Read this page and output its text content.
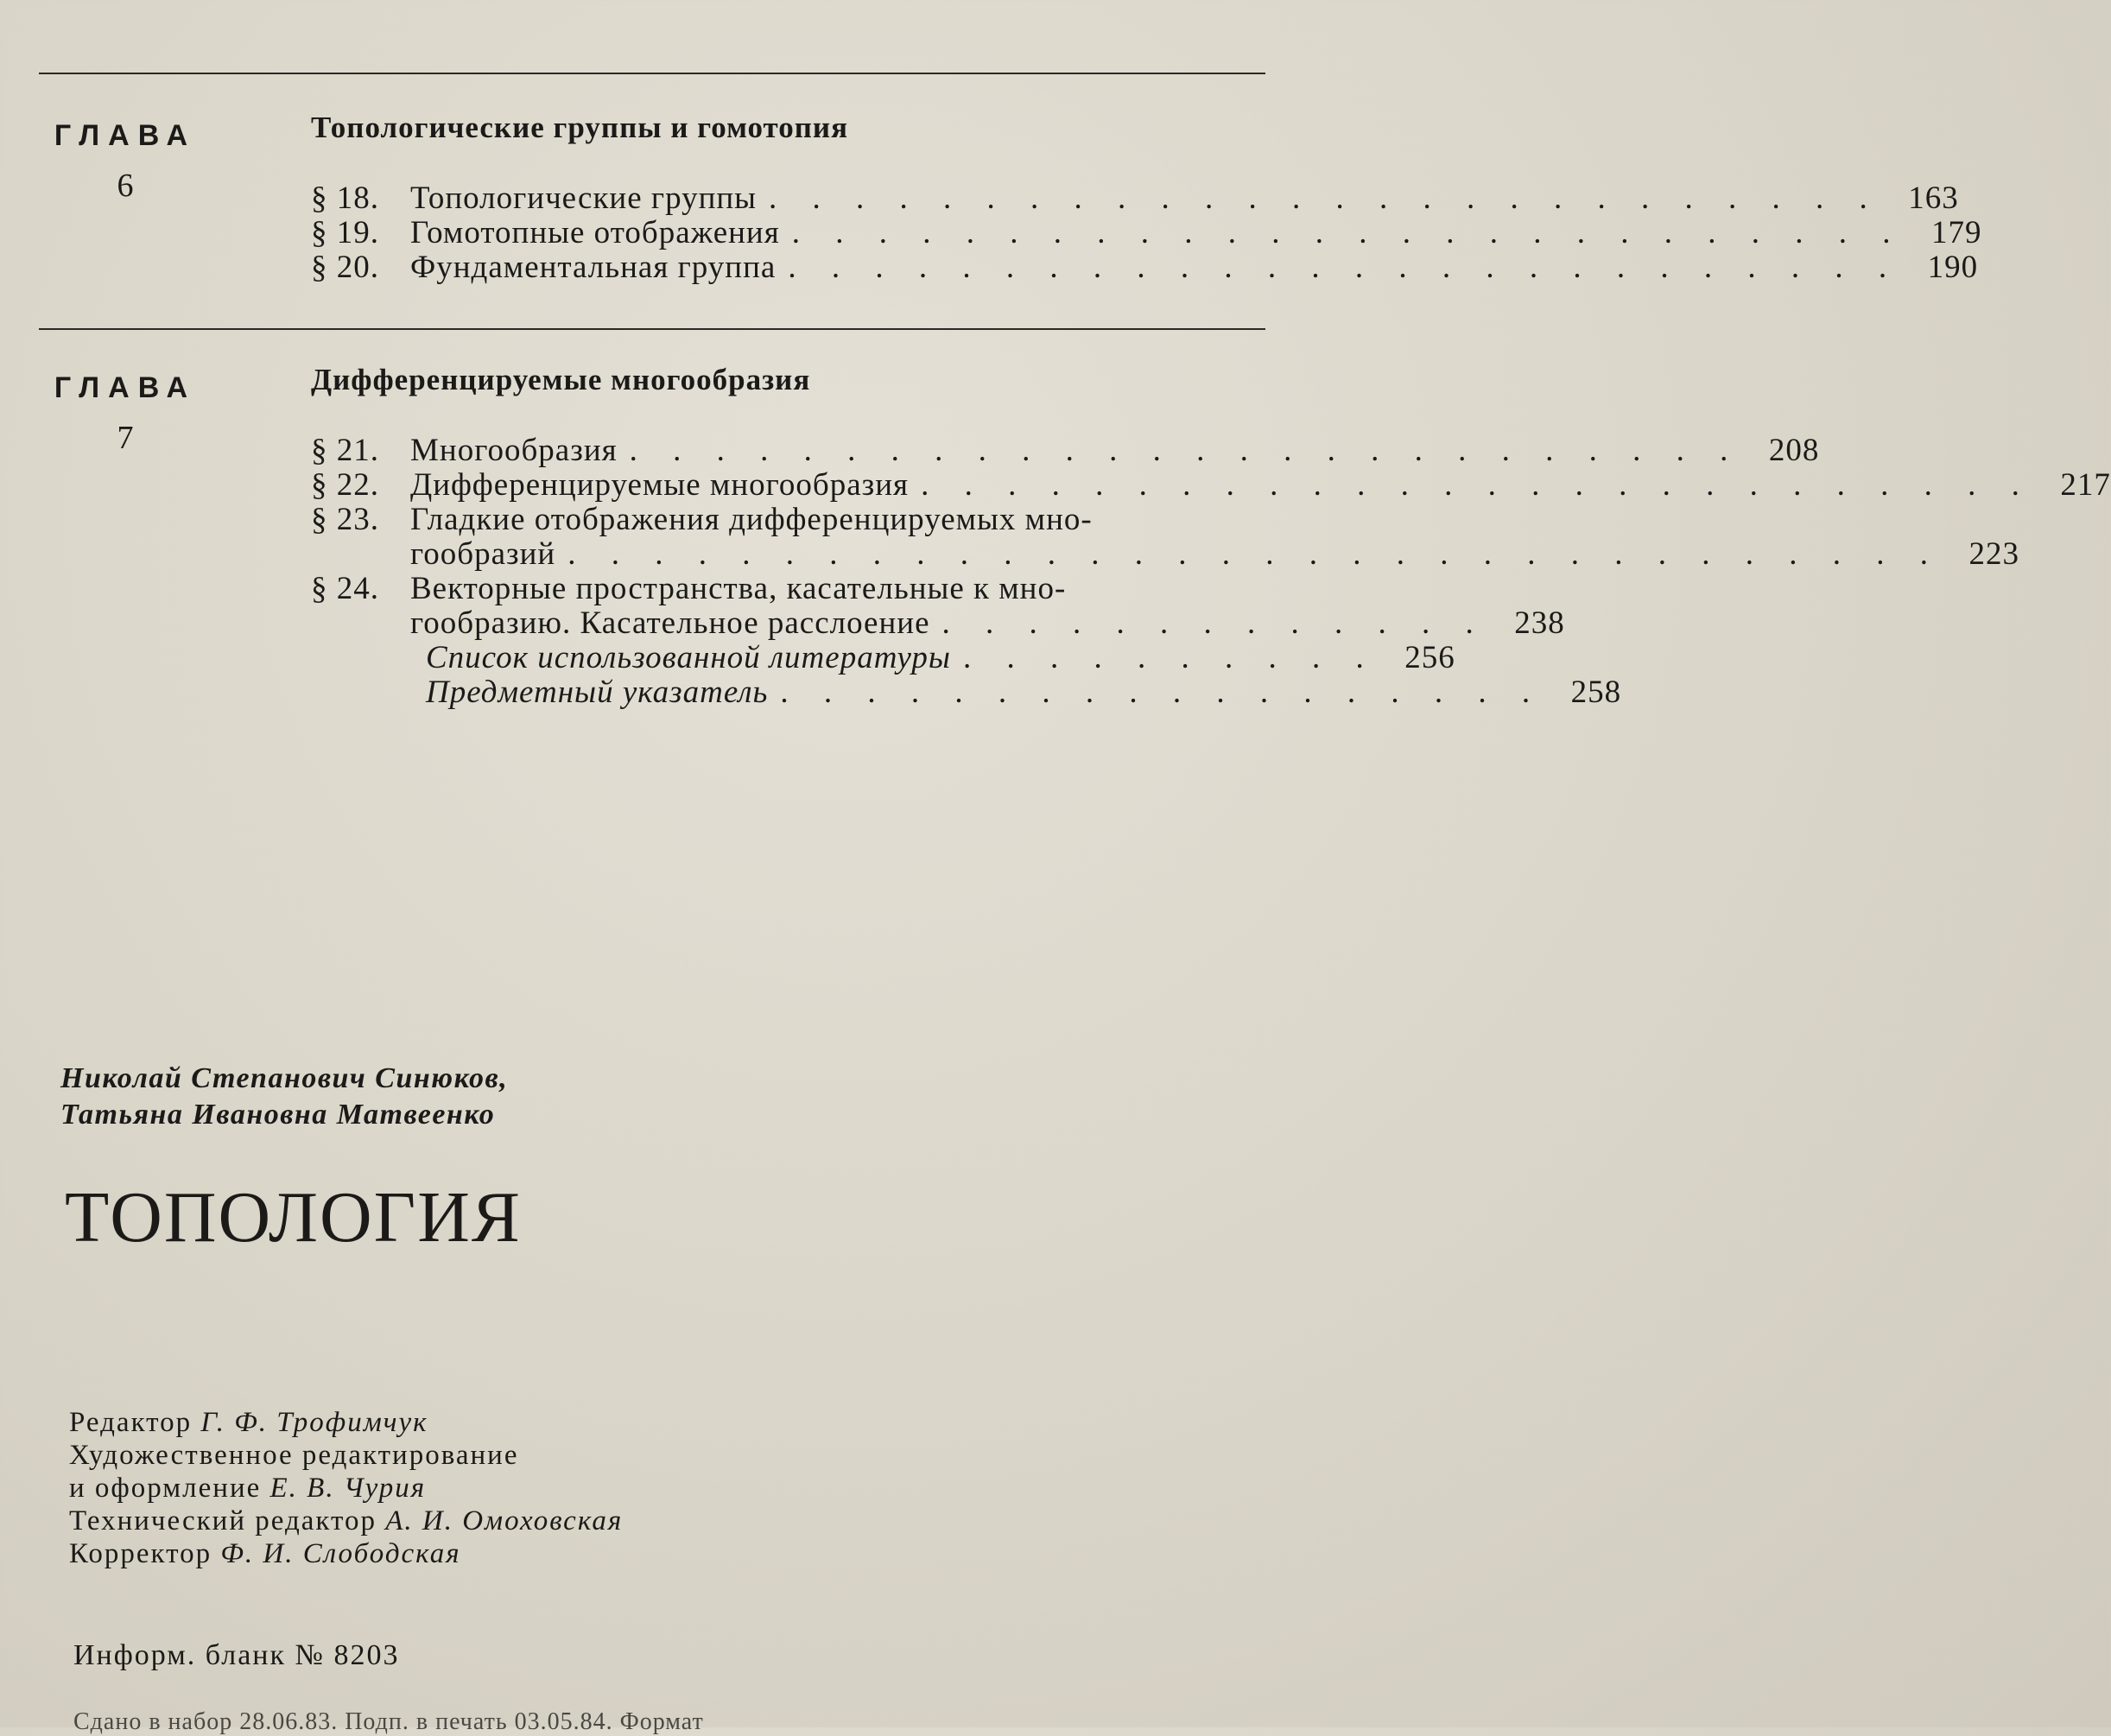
ГЛАВА
6
Топологические группы и гомотопия
§ 18. Топологические группы . . . . . . . . . . . . . . . . . . . . . . . . . . 163
§ 19. Гомотопные отображения . . . . . . . . . . . . . . . . . . . . . . . . . . 179
§ 20. Фундаментальная группа . . . . . . . . . . . . . . . . . . . . . . . . . . 190
ГЛАВА
7
Дифференцируемые многообразия
§ 21. Многообразия . . . . . . . . . . . . . . . . . . . . . . . . . . 208
§ 22. Дифференцируемые многообразия . . . . . . . . . . . . . . . . . . . . . . . . . . 217
§ 23. Гладкие отображения дифференцируемых мно-
гообразий . . . . . . . . . . . . . . . . . . . . . . . . . . . . . . . . 223
§ 24. Векторные пространства, касательные к мно-
гообразию. Касательное расслоение . . . . . . . . . . . . . 238
Список использованной литературы . . . . . . . . . . 256
Предметный указатель . . . . . . . . . . . . . . . . . . 258
Николай Степанович Синюков,
Татьяна Ивановна Матвеенко
ТОПОЛОГИЯ
Редактор Г. Ф. Трофимчук
Художественное редактирование
и оформление Е. В. Чурия
Технический редактор А. И. Омоховская
Корректор Ф. И. Слободская
Информ. бланк № 8203
Сдано в набор 28.06.83. Подп. в печать 03.05.84. Формат
